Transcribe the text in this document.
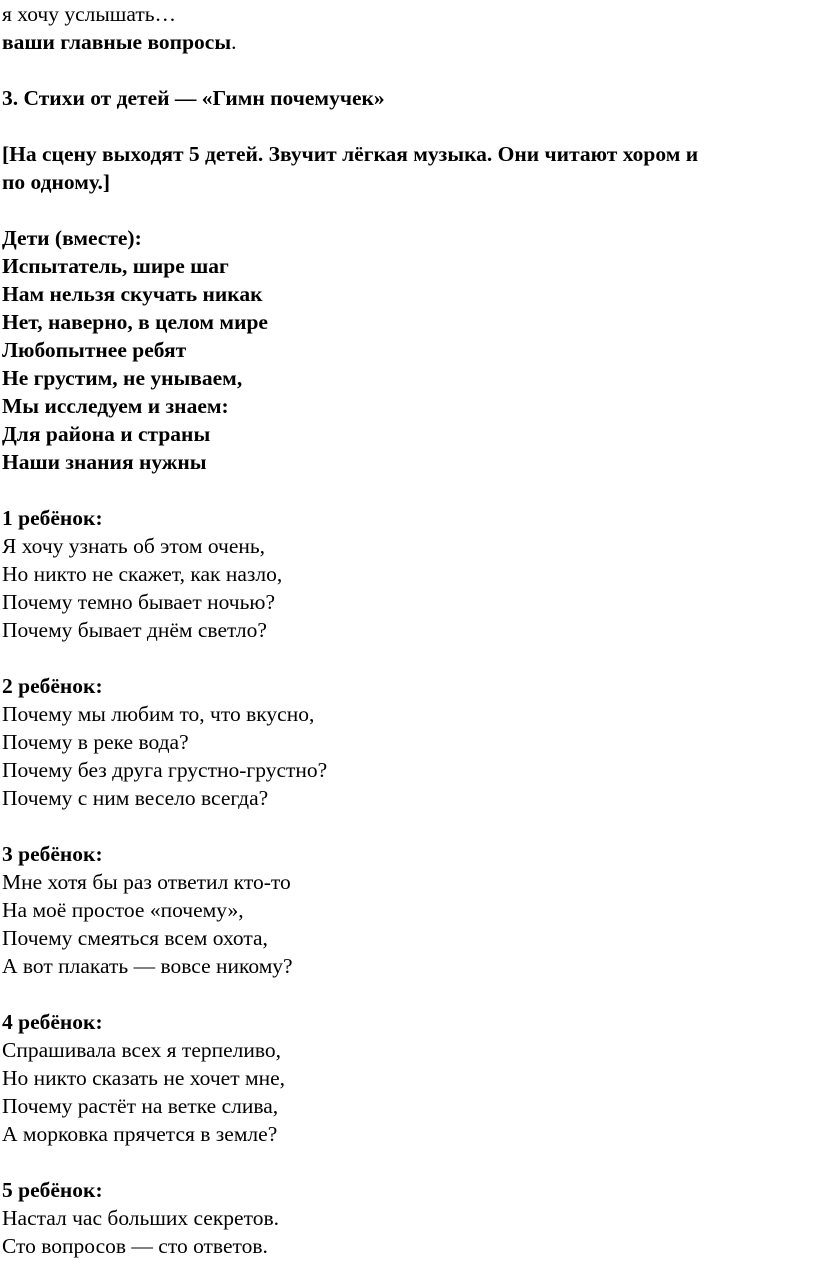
я хочу услышать…

ваши главные вопросы.

3. Стихи от детей — «Гимн почемучек»

[На сцену выходят 5 детей. Звучит лёгкая музыка. Они читают хором и

по одному.]

Дети (вместе):

Испытатель, шире шаг

Нам нельзя скучать никак

Нет, наверно, в целом мире

Любопытнее ребят

Не грустим, не унываем,

Мы исследуем и знаем:

Для района и страны

Наши знания нужны

1 ребёнок:

Я хочу узнать об этом очень,

Но никто не скажет, как назло,

Почему темно бывает ночью?

Почему бывает днём светло?

2 ребёнок:

Почему мы любим то, что вкусно,

Почему в реке вода?

Почему без друга грустно-грустно?

Почему с ним весело всегда?

3 ребёнок:

Мне хотя бы раз ответил кто-то

На моё простое «почему»,

Почему смеяться всем охота,

А вот плакать — вовсе никому?

4 ребёнок:

Спрашивала всех я терпеливо,

Но никто сказать не хочет мне,

Почему растёт на ветке слива,

А морковка прячется в земле?

5 ребёнок:

Настал час больших секретов.

Сто вопросов — сто ответов.
